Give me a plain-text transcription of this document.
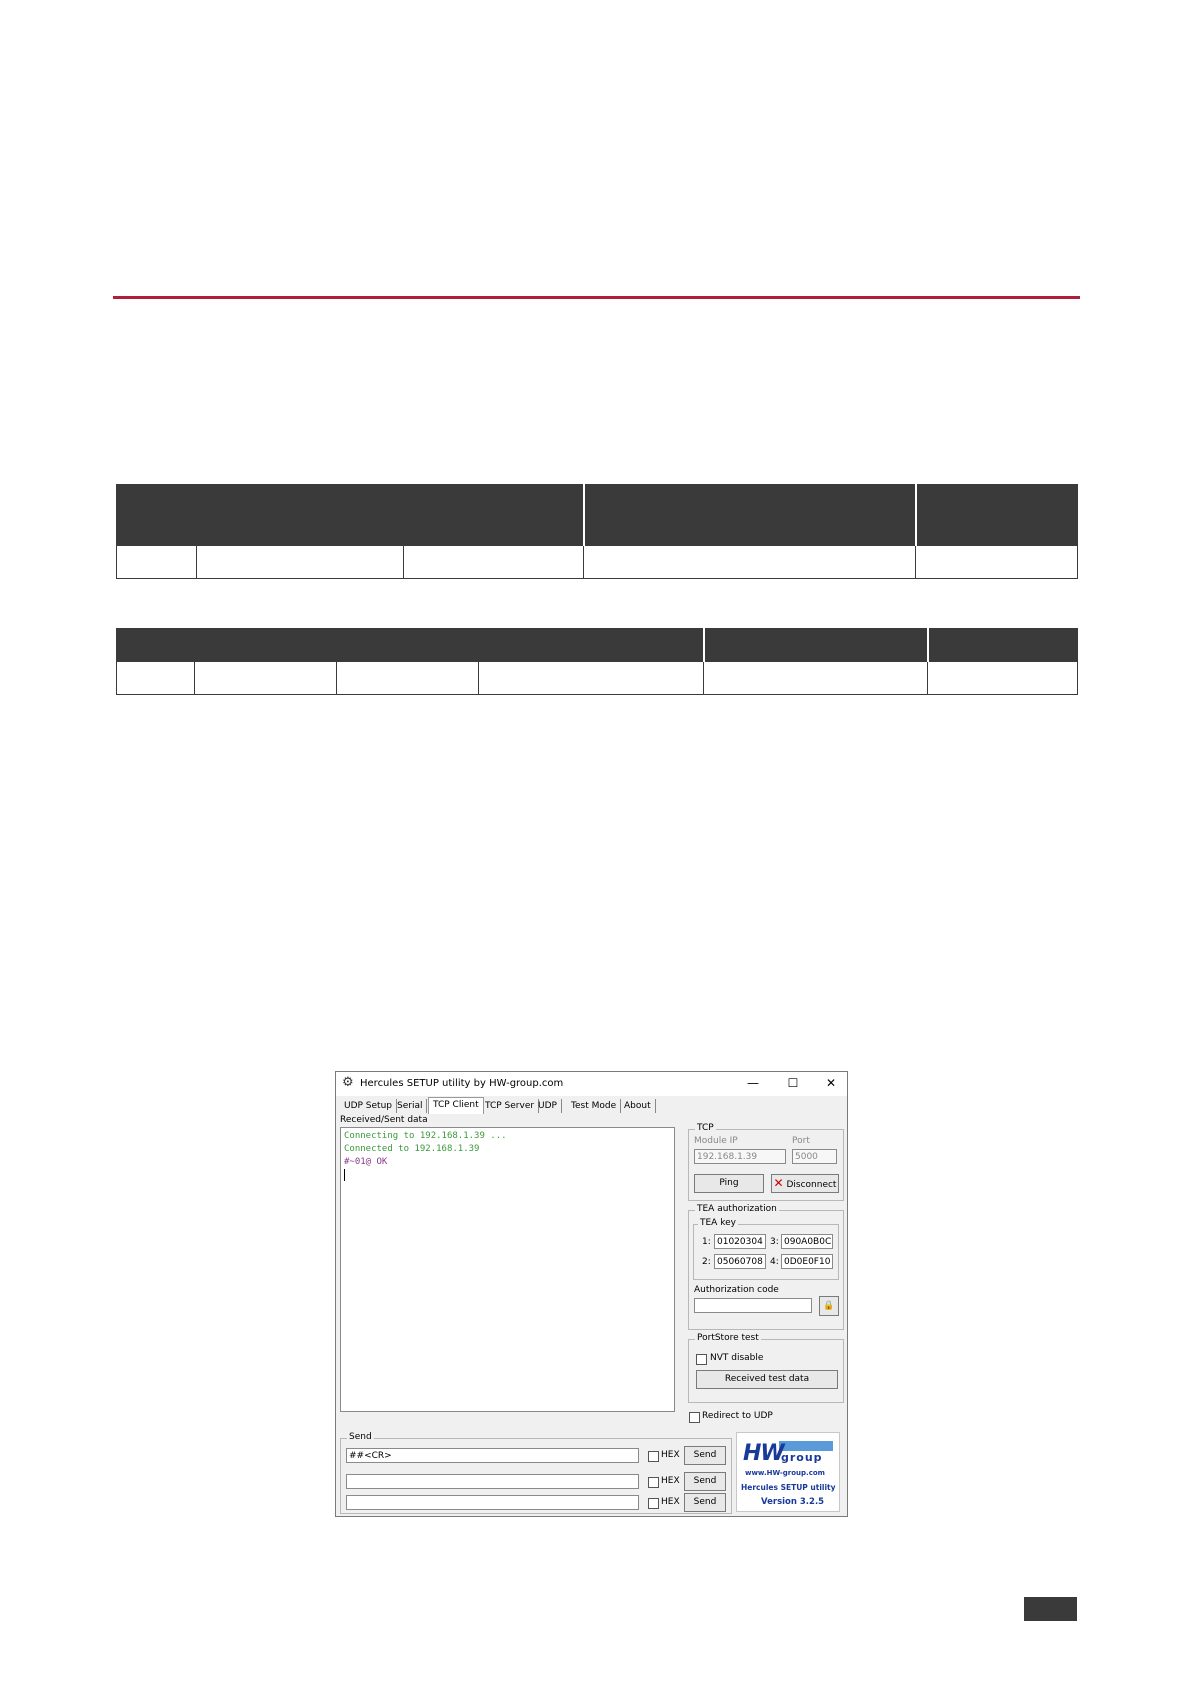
⚙ Hercules SETUP utility by HW-group.com	—	☐	✕
UDP Setup Serial	TCP Client TCP Server UDP	Test Mode About
Received/Sent data
Connecting to 192.168.1.39 ...
Connected to 192.168.1.39
#~01@ OK
TCP
Module IP	Port
192.168.1.39	5000
Ping	✕ Disconnect
TEA authorization
TEA key
1: 01020304 3: 090A0B0C
2: 05060708 4: 0D0E0F10
Authorization code
🔒
PortStore test
NVT disable
Received test data
Redirect to UDP
Send
##<CR>	HEX	Send
HEX	Send
HEX	Send
HW
group
www.HW-group.com
Hercules SETUP utility
Version 3.2.5
